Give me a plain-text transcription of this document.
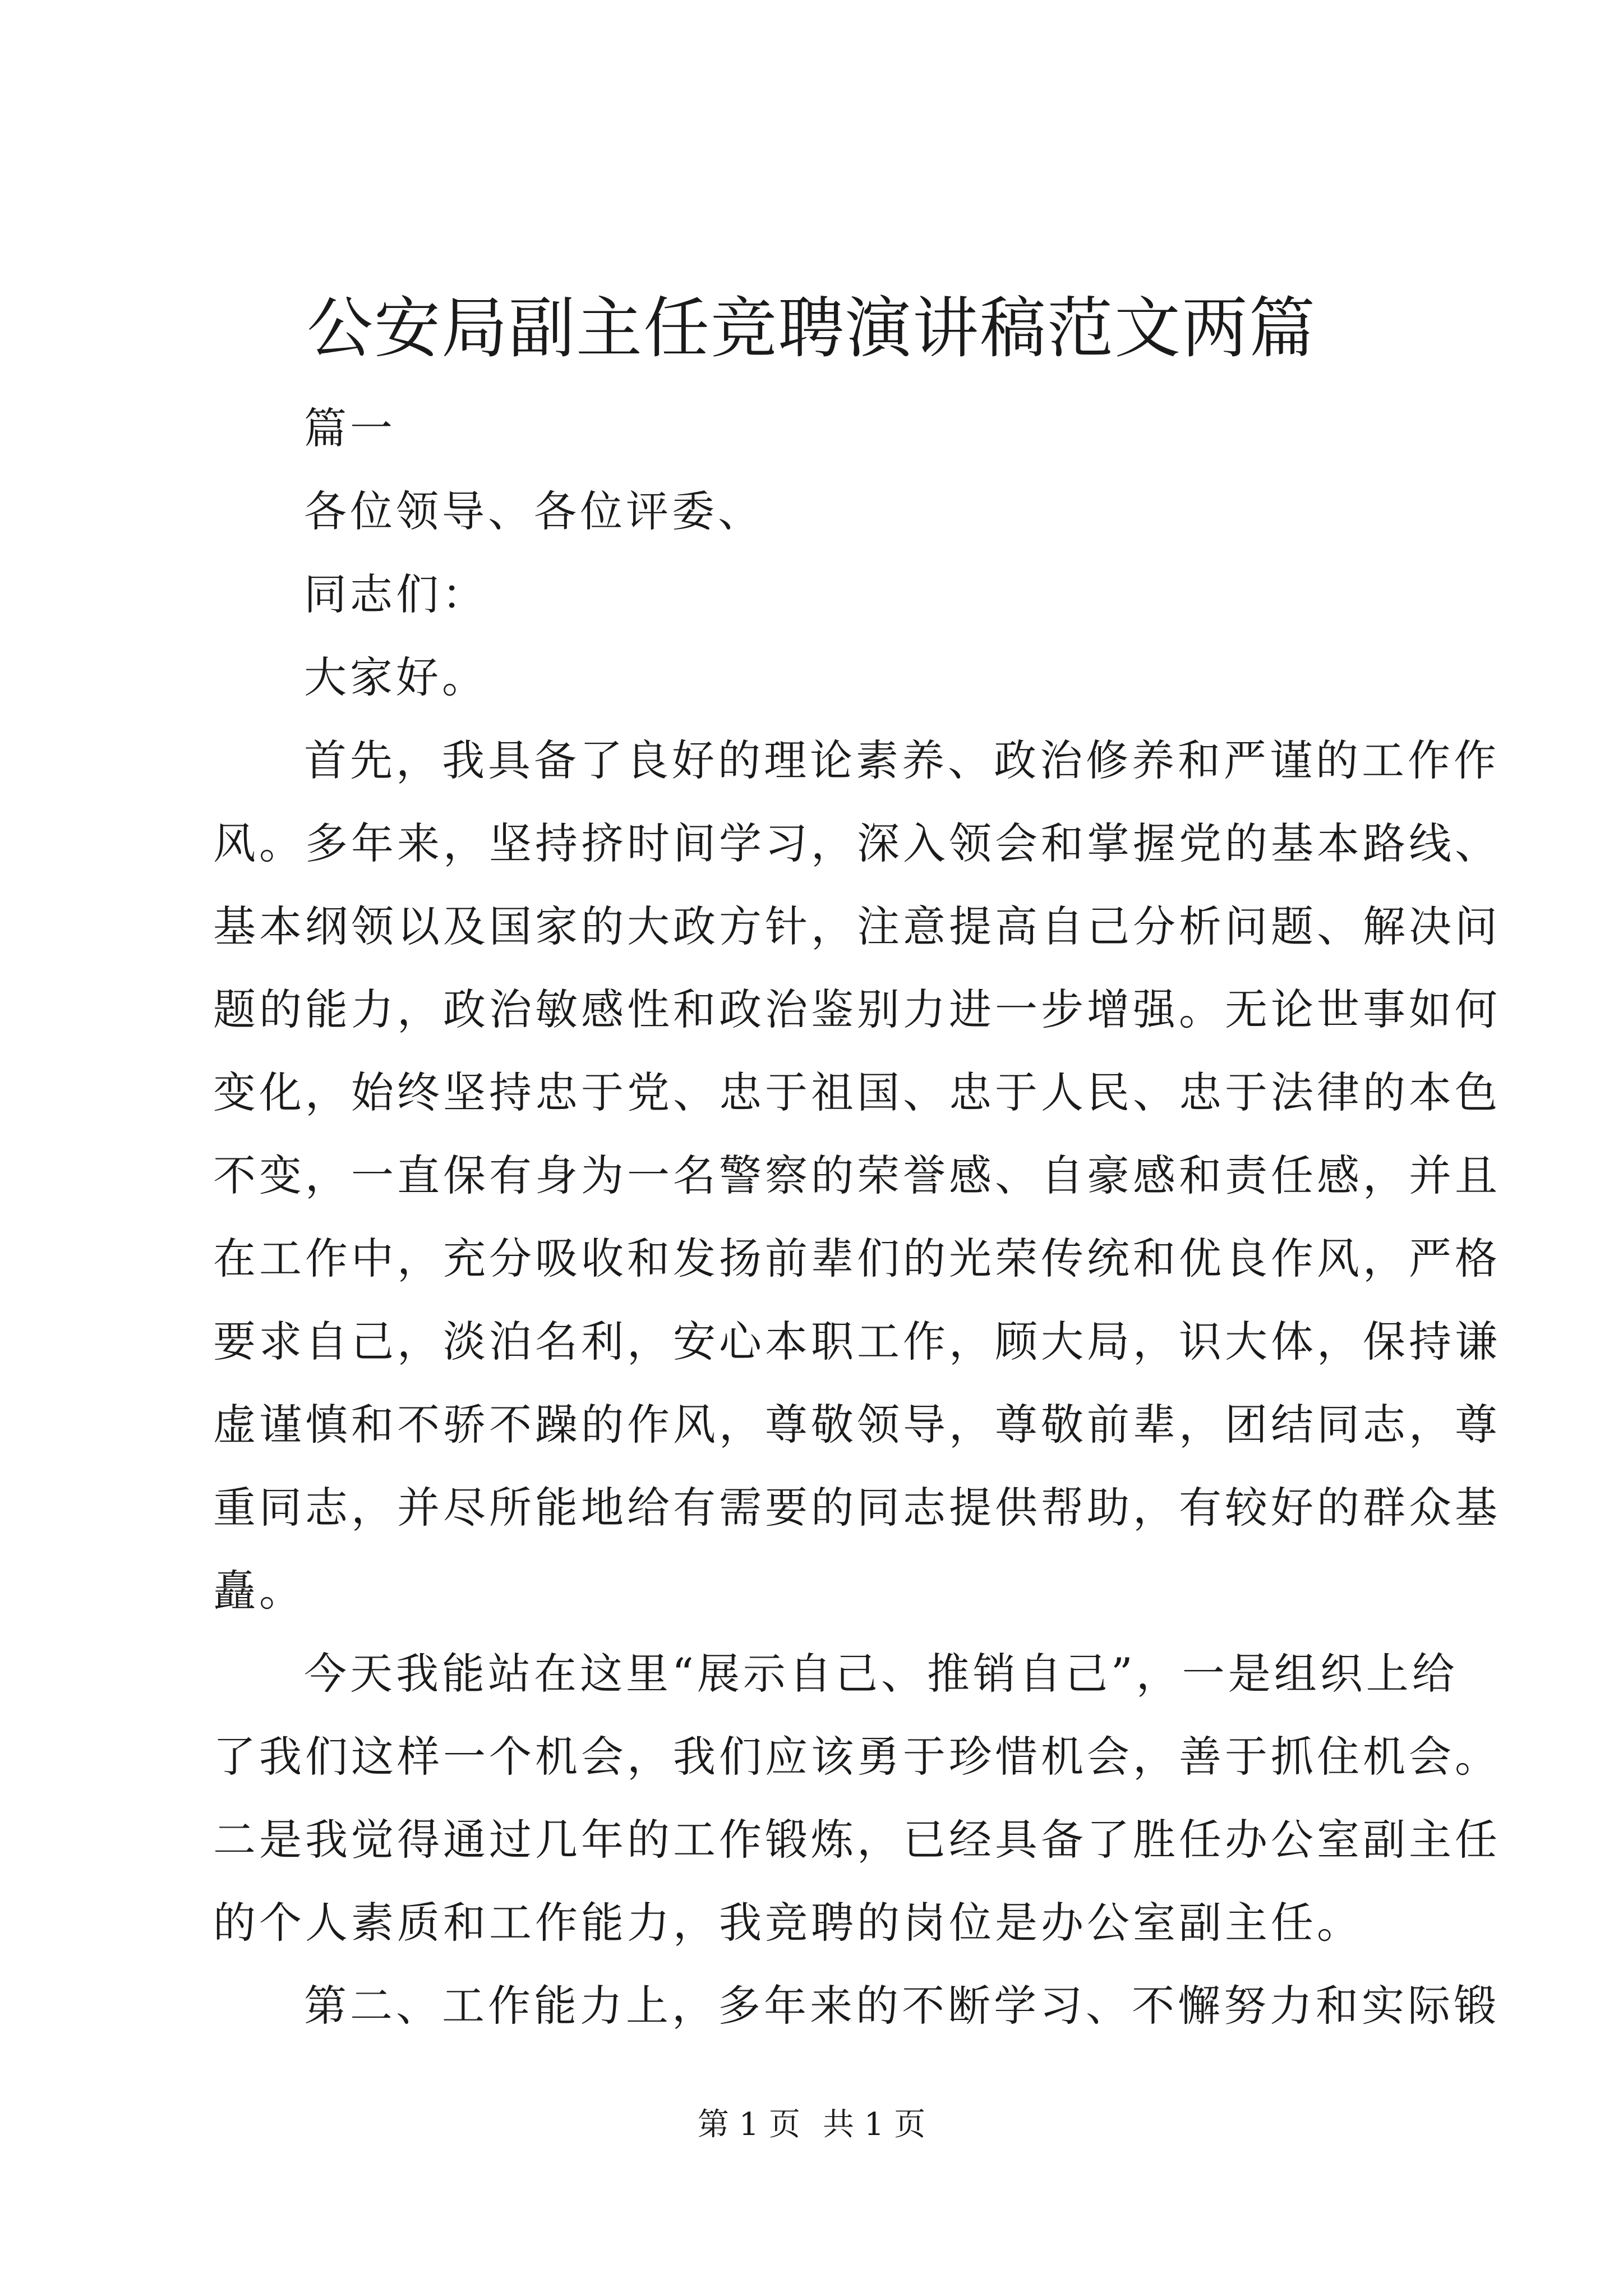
公安局副主任竞聘演讲稿范文两篇
篇一
各位领导、各位评委、
同志们：
大家好。
首先，我具备了良好的理论素养、政治修养和严谨的工作作
风。多年来，坚持挤时间学习，深入领会和掌握党的基本路线、
基本纲领以及国家的大政方针，注意提高自己分析问题、解决问
题的能力，政治敏感性和政治鉴别力进一步增强。无论世事如何
变化，始终坚持忠于党、忠于祖国、忠于人民、忠于法律的本色
不变，一直保有身为一名警察的荣誉感、自豪感和责任感，并且
在工作中，充分吸收和发扬前辈们的光荣传统和优良作风，严格
要求自己，淡泊名利，安心本职工作，顾大局，识大体，保持谦
虚谨慎和不骄不躁的作风，尊敬领导，尊敬前辈，团结同志，尊
重同志，并尽所能地给有需要的同志提供帮助，有较好的群众基
矗。
今天我能站在这里“展示自己、推销自己”，一是组织上给
了我们这样一个机会，我们应该勇于珍惜机会，善于抓住机会。
二是我觉得通过几年的工作锻炼，已经具备了胜任办公室副主任
的个人素质和工作能力，我竞聘的岗位是办公室副主任。
第二、工作能力上，多年来的不断学习、不懈努力和实际锻
第 1 页 共 1 页
